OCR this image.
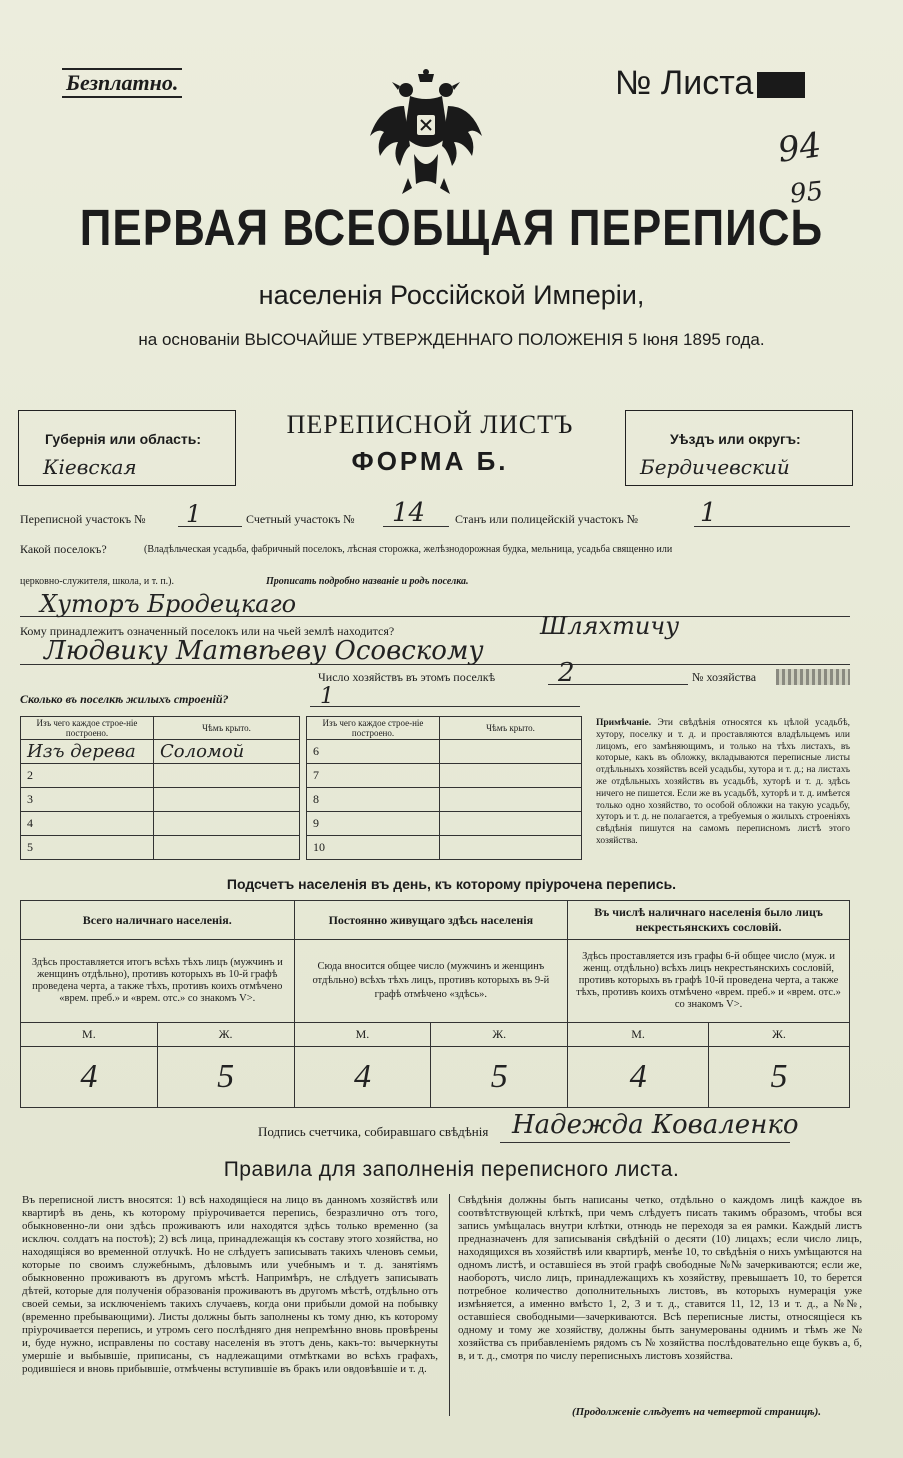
Безплатно.	№ Листа
94
95
ПЕРВАЯ ВСЕОБЩАЯ ПЕРЕПИСЬ
населенія Россійской Имперіи,
на основаніи ВЫСОЧАЙШЕ УТВЕРЖДЕННАГО ПОЛОЖЕНІЯ 5 Іюня 1895 года.
Губернія или область:
Кiевская
ПЕРЕПИСНОЙ ЛИСТЪ
ФОРМА Б.
Уѣздъ или округъ:
Бердичевский
Переписной участокъ № 1	Счетный участокъ № 14 Станъ или полицейскій участокъ № 1
Какой поселокъ?	(Владѣльческая усадьба, фабричный поселокъ, лѣсная сторожка, желѣзнодорожная будка, мельница, усадьба священно или
церковно-служителя, школа, и т. п.).	Прописать подробно названіе и родъ поселка.
Хуторъ Бродецкаго
Кому принадлежитъ означенный поселокъ или на чьей землѣ находится?	Шляхтичу
Людвику Матвѣеву Осовскому
Число хозяйствъ въ этомъ поселкѣ 2	№ хозяйства
Сколько въ поселкѣ жилыхъ строеній?	1
Изъ чего каждое строе-ніе построено.	Чѣмъ крыто.
Изъ дерева	Соломой
2	
3	
4	
5	
Изъ чего каждое строе-ніе построено.	Чѣмъ крыто.
6	
7	
8	
9	
10	
Примѣчаніе. Эти свѣдѣнія относятся къ цѣлой усадьбѣ, хутору, поселку и т. д. и проставляются владѣльцемъ или лицомъ, его замѣняющимъ, и только на тѣхъ листахъ, въ которые, какъ въ обложку, вкладываются переписные листы отдѣльныхъ хозяйствъ всей усадьбы, хутора и т. д.; на листахъ же отдѣльныхъ хозяйствъ въ усадьбѣ, хуторѣ и т. д. здѣсь ничего не пишется. Если же въ усадьбѣ, хуторѣ и т. д. имѣется только одно хозяйство, то особой обложки на такую усадьбу, хуторъ и т. д. не полагается, а требуемыя о жилыхъ строеніяхъ свѣдѣнія пишутся на самомъ переписномъ листѣ этого хозяйства.
Подсчетъ населенія въ день, къ которому пріурочена перепись.
Всего наличнаго населенія.		Постоянно живущаго здѣсь населенія		Въ числѣ наличнаго населенія было лицъ некрестьянскихъ сословій.	
Здѣсь проставляется итогъ всѣхъ тѣхъ лицъ (мужчинъ и женщинъ отдѣльно), противъ которыхъ въ 10-й графѣ проведена черта, а также тѣхъ, противъ коихъ отмѣчено «врем. преб.» и «врем. отс.» со знакомъ V>.		Сюда вносится общее число (мужчинъ и женщинъ отдѣльно) всѣхъ тѣхъ лицъ, противъ которыхъ въ 9-й графѣ отмѣчено «здѣсь».		Здѣсь проставляется изъ графы 6-й общее число (муж. и женщ. отдѣльно) всѣхъ лицъ некрестьянскихъ сословій, противъ которыхъ въ графѣ 10-й проведена черта, а также тѣхъ, противъ коихъ отмѣчено «врем. преб.» и «врем. отс.» со знакомъ V>.	
М.	Ж.	М.	Ж.	М.	Ж.
4	5	4	5	4	5
Подпись счетчика, собиравшаго свѣдѣнія Надежда Коваленко
Правила для заполненія переписного листа.
Въ переписной листъ вносятся: 1) всѣ находящіеся на лицо въ данномъ хозяйствѣ или квартирѣ въ день, къ которому пріурочивается перепись, безразлично отъ того, обыкновенно-ли они здѣсь проживаютъ или находятся здѣсь только временно (за исключ. солдатъ на постоѣ); 2) всѣ лица, принадлежащія къ составу этого хозяйства, но находящіяся во временной отлучкѣ. Но не слѣдуетъ записывать такихъ членовъ семьи, которые по своимъ служебнымъ, дѣловымъ или учебнымъ и т. д. занятіямъ обыкновенно проживаютъ въ другомъ мѣстѣ. Напримѣръ, не слѣдуетъ записывать дѣтей, которые для полученія образованія проживаютъ въ другомъ мѣстѣ, отдѣльно отъ своей семьи, за исключеніемъ такихъ случаевъ, когда они прибыли домой на побывку (временно пребывающими). Листы должны быть заполнены къ тому дню, къ которому пріурочивается перепись, и утромъ сего послѣдняго дня непремѣнно вновь провѣрены и, буде нужно, исправлены по составу населенія въ этотъ день, какъ-то: вычеркнуты умершіе и выбывшіе, приписаны, съ надлежащими отмѣтками во всѣхъ графахъ, родившіеся и вновь прибывшіе, отмѣчены вступившіе въ бракъ или овдовѣвшіе и т. д.
Свѣдѣнія должны быть написаны четко, отдѣльно о каждомъ лицѣ каждое въ соотвѣтствующей клѣткѣ, при чемъ слѣдуетъ писать такимъ образомъ, чтобы вся запись умѣщалась внутри клѣтки, отнюдь не переходя за ея рамки. Каждый листъ предназначенъ для записыванія свѣдѣній о десяти (10) лицахъ; если число лицъ, находящихся въ хозяйствѣ или квартирѣ, менѣе 10, то свѣдѣнія о нихъ умѣщаются на одномъ листѣ, и оставшіеся въ этой графѣ свободные №№ зачеркиваются; если же, наоборотъ, число лицъ, принадлежащихъ къ хозяйству, превышаетъ 10, то берется потребное количество дополнительныхъ листовъ, въ которыхъ нумерація уже измѣняется, а именно вмѣсто 1, 2, 3 и т. д., ставится 11, 12, 13 и т. д., а №№, оставшіеся свободными—зачеркиваются. Всѣ переписные листы, относящіеся къ одному и тому же хозяйству, должны быть занумерованы однимъ и тѣмъ же № хозяйства съ прибавленіемъ рядомъ съ № хозяйства послѣдовательно еще буквъ а, б, в, и т. д., смотря по числу переписныхъ листовъ хозяйства.
(Продолженіе слѣдуетъ на четвертой страницѣ).
